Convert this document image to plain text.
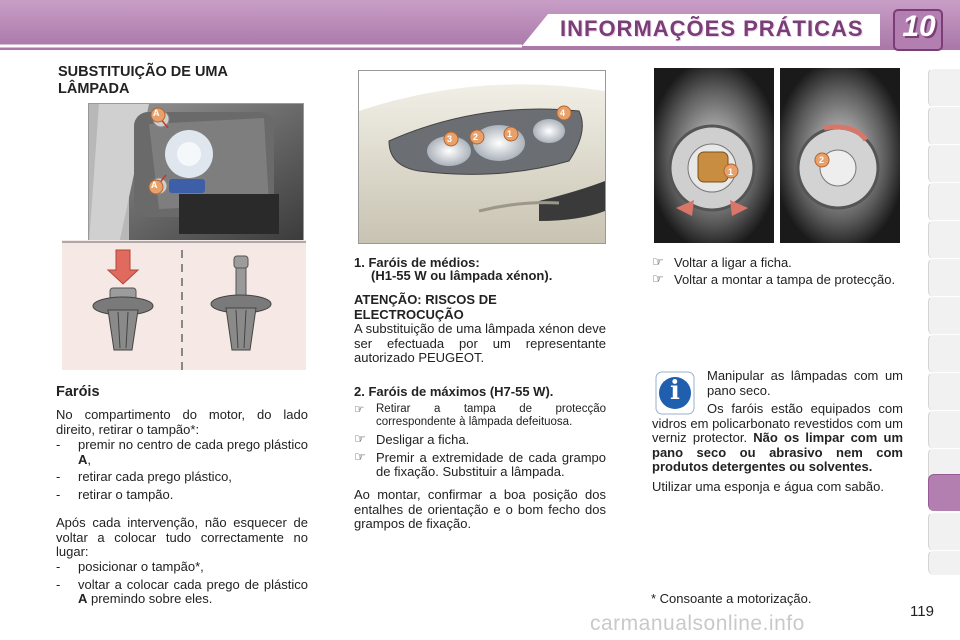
INFORMAÇÕES PRÁTICAS 10
SUBSTITUIÇÃO DE UMA
LÂMPADA
A
A
Faróis
No compartimento do motor, do lado direito, retirar o tampão*:
-	premir no centro de cada prego plástico A,
-	retirar cada prego plástico,
-	retirar o tampão.
Após cada intervenção, não esquecer de voltar a colocar tudo correctamente no lugar:
-	posicionar o tampão*,
-	voltar a colocar cada prego de plástico A premindo sobre eles.
3 2	1
4
1. Faróis de médios:
(H1-55 W ou lâmpada xénon).
ATENÇÃO: RISCOS DE ELECTROCUÇÃO
A substituição de uma lâmpada xénon deve ser efectuada por um representante autorizado PEUGEOT.
2. Faróis de máximos (H7-55 W).
☞	Retirar a tampa de protecção correspondente à lâmpada defeituosa.
☞ Desligar a ficha.
☞ Premir a extremidade de cada grampo de fixação. Substituir a lâmpada.
Ao montar, confirmar a boa posição dos entalhes de orientação e o bom fecho dos grampos de fixação.
1
2
☞ Voltar a ligar a ficha.
☞ Voltar a montar a tampa de protecção.
i
Manipular as lâmpadas com um pano seco.
Os faróis estão equipados com vidros em policarbonato revestidos com um verniz protector. Não os limpar com um pano seco ou abrasivo nem com produtos detergentes ou solventes.
Utilizar uma esponja e água com sabão.
* Consoante a motorização.
carmanualsonline.info
119
